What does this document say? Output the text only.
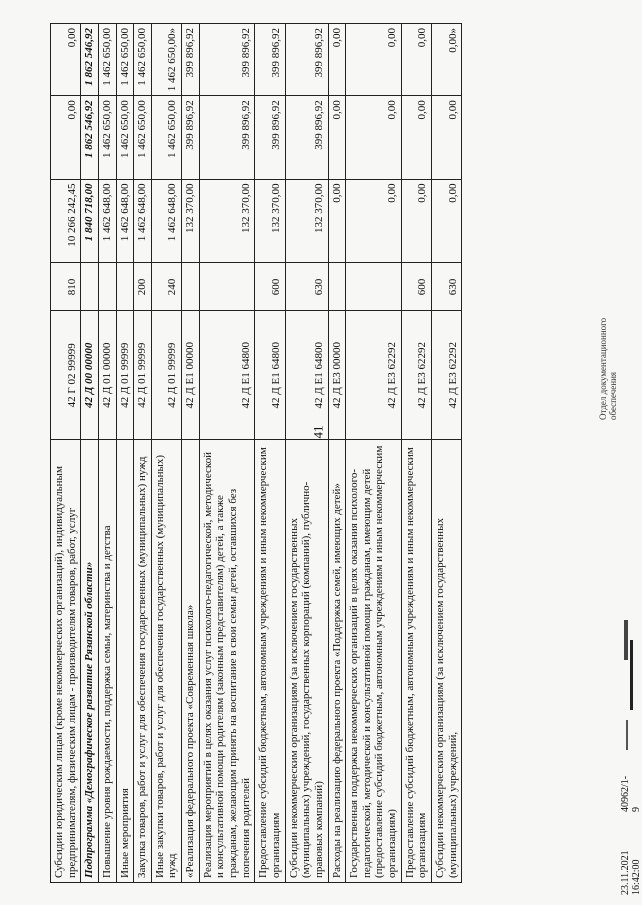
41
Субсидии юридическим лицам (кроме некоммерческих организаций), индивидуальным предпринимателям, физическим лицам - производителям товаров, работ, услуг	42 Г 02 99999	810	10 266 242,45	0,00	0,00
Подпрограмма «Демографическое развитие Рязанской области»	42 Д 00 00000		1 840 718,00	1 862 546,92	1 862 546,92
Повышение уровня рождаемости, поддержка семьи, материнства и детства	42 Д 01 00000		1 462 648,00	1 462 650,00	1 462 650,00
Иные мероприятия	42 Д 01 99999		1 462 648,00	1 462 650,00	1 462 650,00
Закупка товаров, работ и услуг для обеспечения государственных (муниципальных) нужд	42 Д 01 99999	200	1 462 648,00	1 462 650,00	1 462 650,00
Иные закупки товаров, работ и услуг для обеспечения государственных (муниципальных) нужд	42 Д 01 99999	240	1 462 648,00	1 462 650,00	1 462 650,00»
«Реализация федерального проекта «Современная школа»	42 Д Е1 00000		132 370,00	399 896,92	399 896,92
Реализация мероприятий в целях оказания услуг психолого-педагогической, методической и консультативной помощи родителям (законным представителям) детей, а также гражданам, желающим принять на воспитание в свои семьи детей, оставшихся без попечения родителей	42 Д Е1 64800		132 370,00	399 896,92	399 896,92
Предоставление субсидий бюджетным, автономным учреждениям и иным некоммерческим организациям	42 Д Е1 64800	600	132 370,00	399 896,92	399 896,92
Субсидии некоммерческим организациям (за исключением государственных (муниципальных) учреждений, государственных корпораций (компаний), публично-правовых компаний)	42 Д Е1 64800	630	132 370,00	399 896,92	399 896,92
Расходы на реализацию федерального проекта «Поддержка семей, имеющих детей»	42 Д Е3 00000		0,00	0,00	0,00
Государственная поддержка некоммерческих организаций в целях оказания психолого-педагогической, методической и консультативной помощи гражданам, имеющим детей (предоставление субсидий бюджетным, автономным учреждениям и иным некоммерческим организациям)	42 Д Е3 62292		0,00	0,00	0,00
Предоставление субсидий бюджетным, автономным учреждениям и иным некоммерческим организациям	42 Д Е3 62292	600	0,00	0,00	0,00
Субсидии некоммерческим организациям (за исключением государственных (муниципальных) учреждений,	42 Д Е3 62292	630	0,00	0,00	0,00»
23.11.2021 16:42:00
40962/1-9
Отдел документационного обеспечения
